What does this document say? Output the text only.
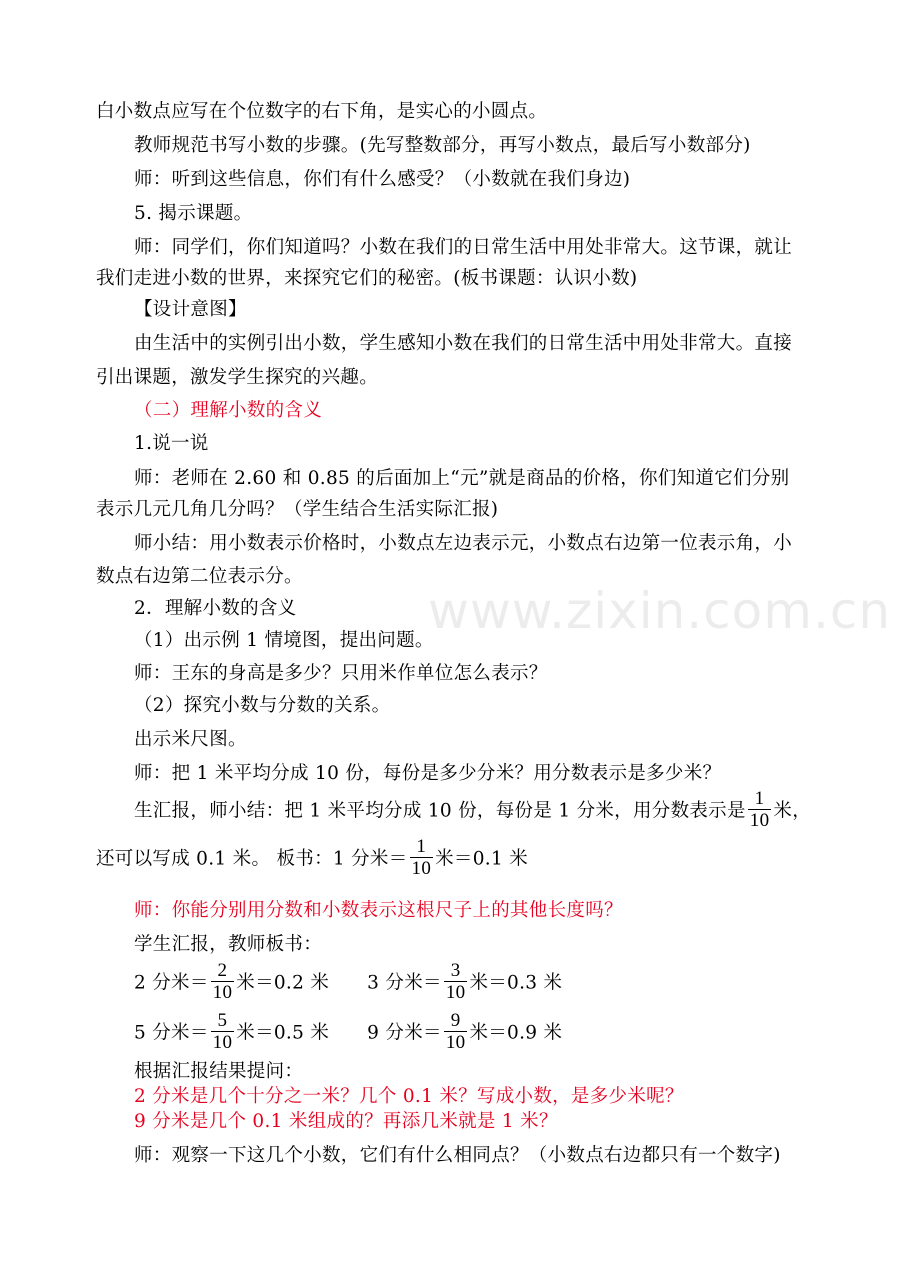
白小数点应写在个位数字的右下角，是实心的小圆点。
教师规范书写小数的步骤。(先写整数部分，再写小数点，最后写小数部分)
师：听到这些信息，你们有什么感受？（小数就在我们身边)
5. 揭示课题。
师：同学们，你们知道吗？小数在我们的日常生活中用处非常大。这节课，就让
我们走进小数的世界，来探究它们的秘密。(板书课题：认识小数)
【设计意图】
由生活中的实例引出小数，学生感知小数在我们的日常生活中用处非常大。直接
引出课题，激发学生探究的兴趣。
（二）理解小数的含义
1.说一说
师：老师在 2.60 和 0.85 的后面加上“元”就是商品的价格，你们知道它们分别
表示几元几角几分吗？（学生结合生活实际汇报)
师小结：用小数表示价格时，小数点左边表示元，小数点右边第一位表示角，小
数点右边第二位表示分。
2．理解小数的含义
（1）出示例 1 情境图，提出问题。
师：王东的身高是多少？只用米作单位怎么表示？
（2）探究小数与分数的关系。
出示米尺图。
师：把 1 米平均分成 10 份，每份是多少分米？用分数表示是多少米？
生汇报，师小结：把 1 米平均分成 10 份，每份是 1 分米，用分数表示是 $\frac{1}{10}$ 米，
还可以写成 0.1 米。 板书：1 分米＝ $\frac{1}{10}$ 米＝0.1 米
师：你能分别用分数和小数表示这根尺子上的其他长度吗？
学生汇报，教师板书：
2 分米＝ $\frac{2}{10}$ 米＝0.2 米 3 分米＝ $\frac{3}{10}$ 米＝0.3 米
5 分米＝ $\frac{5}{10}$ 米＝0.5 米 9 分米＝ $\frac{9}{10}$ 米＝0.9 米
根据汇报结果提问：
2 分米是几个十分之一米？几个 0.1 米？写成小数，是多少米呢？
9 分米是几个 0.1 米组成的？再添几米就是 1 米？
师：观察一下这几个小数，它们有什么相同点？（小数点右边都只有一个数字)
www.zixin.com.cn
